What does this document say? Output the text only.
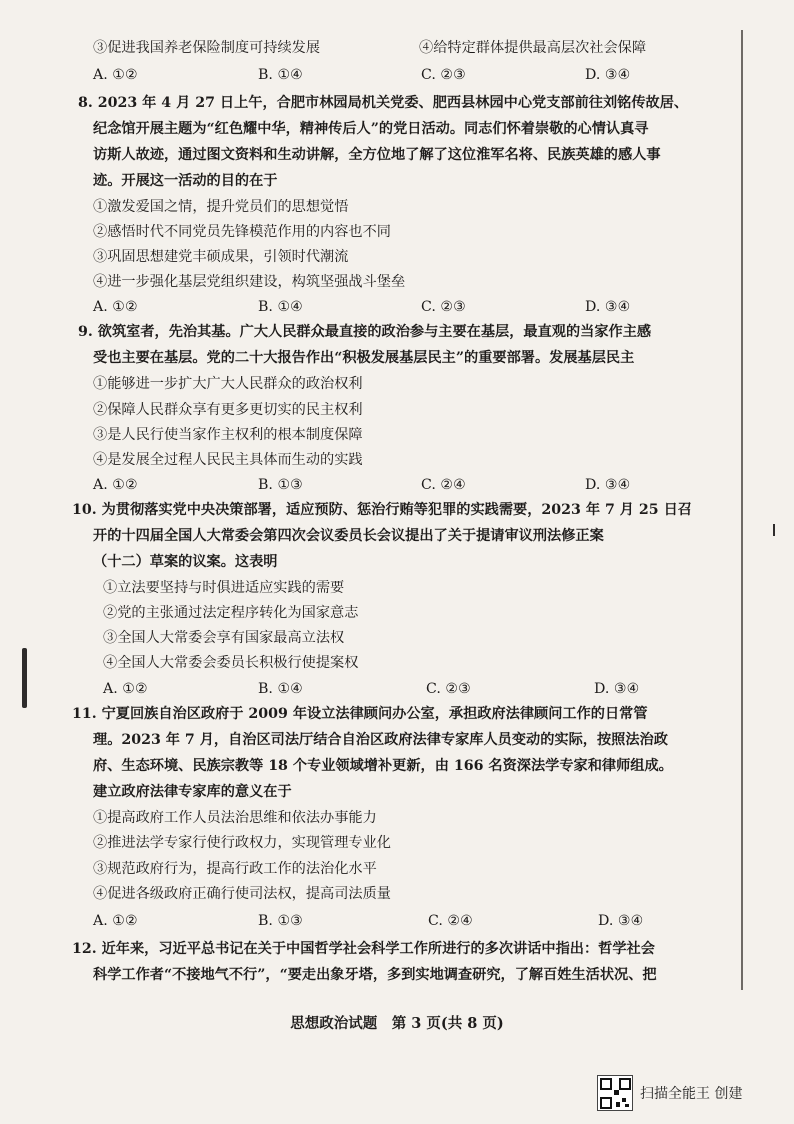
③促进我国养老保险制度可持续发展	④给特定群体提供最高层次社会保障
A. ①②	B. ①④	C. ②③	D. ③④
8. 2023 年 4 月 27 日上午，合肥市林园局机关党委、肥西县林园中心党支部前往刘铭传故居、
纪念馆开展主题为“红色耀中华，精神传后人”的党日活动。同志们怀着崇敬的心情认真寻
访斯人故迹，通过图文资料和生动讲解，全方位地了解了这位淮军名将、民族英雄的感人事
迹。开展这一活动的目的在于
①激发爱国之情，提升党员们的思想觉悟
②感悟时代不同党员先锋模范作用的内容也不同
③巩固思想建党丰硕成果，引领时代潮流
④进一步强化基层党组织建设，构筑坚强战斗堡垒
A. ①②	B. ①④	C. ②③	D. ③④
9. 欲筑室者，先治其基。广大人民群众最直接的政治参与主要在基层，最直观的当家作主感
受也主要在基层。党的二十大报告作出“积极发展基层民主”的重要部署。发展基层民主
①能够进一步扩大广大人民群众的政治权利
②保障人民群众享有更多更切实的民主权利
③是人民行使当家作主权利的根本制度保障
④是发展全过程人民民主具体而生动的实践
A. ①②	B. ①③	C. ②④	D. ③④
10. 为贯彻落实党中央决策部署，适应预防、惩治行贿等犯罪的实践需要，2023 年 7 月 25 日召
开的十四届全国人大常委会第四次会议委员长会议提出了关于提请审议刑法修正案
（十二）草案的议案。这表明
①立法要坚持与时俱进适应实践的需要
②党的主张通过法定程序转化为国家意志
③全国人大常委会享有国家最高立法权
④全国人大常委会委员长积极行使提案权
A. ①②	B. ①④	C. ②③	D. ③④
11. 宁夏回族自治区政府于 2009 年设立法律顾问办公室，承担政府法律顾问工作的日常管
理。2023 年 7 月，自治区司法厅结合自治区政府法律专家库人员变动的实际，按照法治政
府、生态环境、民族宗教等 18 个专业领域增补更新，由 166 名资深法学专家和律师组成。
建立政府法律专家库的意义在于
①提高政府工作人员法治思维和依法办事能力
②推进法学专家行使行政权力，实现管理专业化
③规范政府行为，提高行政工作的法治化水平
④促进各级政府正确行使司法权，提高司法质量
A. ①②	B. ①③	C. ②④	D. ③④
12. 近年来，习近平总书记在关于中国哲学社会科学工作所进行的多次讲话中指出：哲学社会
科学工作者“不接地气不行”，“要走出象牙塔，多到实地调查研究，了解百姓生活状况、把
思想政治试题　第 3 页(共 8 页)
扫描全能王 创建
